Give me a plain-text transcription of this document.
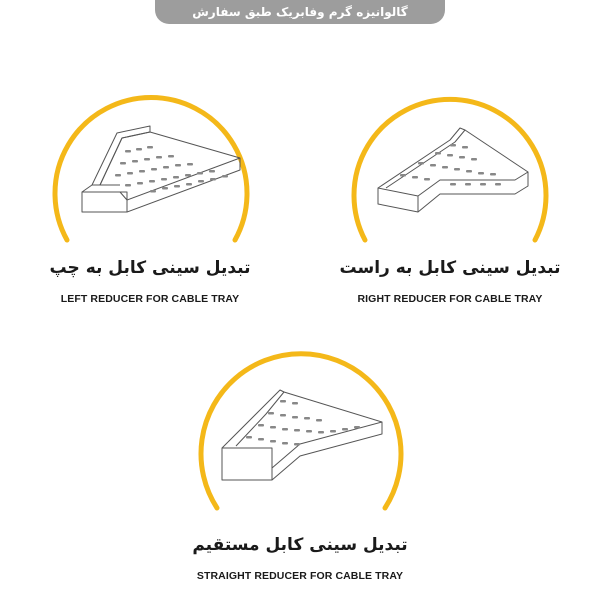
گالوانیزه گرم وفابریک طبق سفارش
تبدیل سینی کابل به چپ
LEFT REDUCER FOR CABLE TRAY
تبدیل سینی کابل به راست
RIGHT REDUCER FOR CABLE TRAY
تبدیل سینی کابل مستقیم
STRAIGHT REDUCER FOR CABLE TRAY
